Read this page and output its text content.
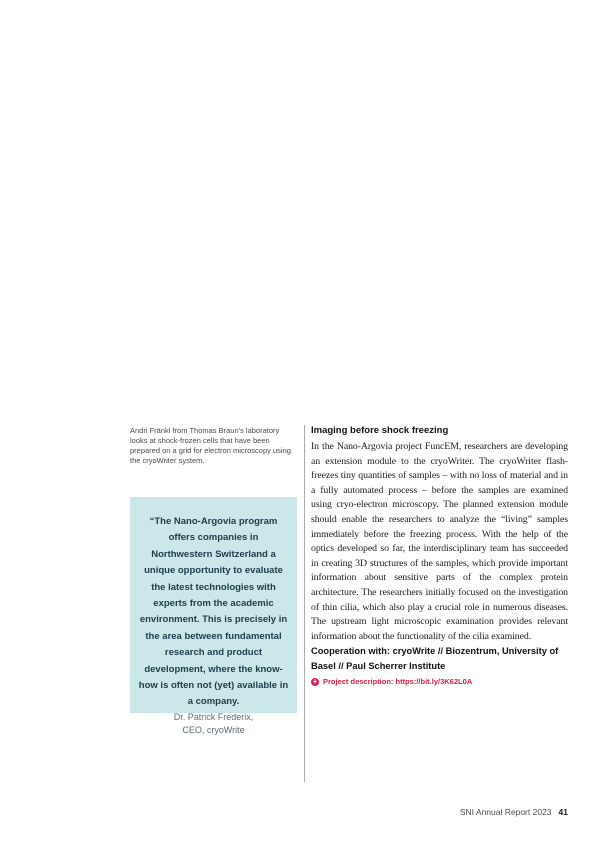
Andri Fränkl from Thomas Braun's laboratory looks at shock-frozen cells that have been prepared on a grid for electron microscopy using the cryoWriter system.

“The Nano-Argovia program offers companies in Northwestern Switzerland a unique opportunity to evaluate the latest technologies with experts from the academic environment. This is precisely in the area between fundamental research and product development, where the know-how is often not (yet) available in a company.

Dr. Patrick Frederix,

CEO, cryoWrite

Imaging before shock freezing

In the Nano-Argovia project FuncEM, researchers are developing an extension module to the cryoWriter. The cryoWriter flash-freezes tiny quantities of samples – with no loss of material and in a fully automated process – before the samples are examined using cryo-electron microscopy. The planned extension module should enable the researchers to analyze the “living” samples immediately before the freezing process. With the help of the optics developed so far, the interdisciplinary team has succeeded in creating 3D structures of the samples, which provide important information about sensitive parts of the complex protein architecture. The researchers initially focused on the investigation of thin cilia, which also play a crucial role in numerous diseases. The upstream light microscopic examination provides relevant information about the functionality of the cilia examined.

Cooperation with: cryoWrite // Biozentrum, University of Basel // Paul Scherrer Institute

+ Project description: https://bit.ly/3K62L0A
SNI Annual Report 2023 41
